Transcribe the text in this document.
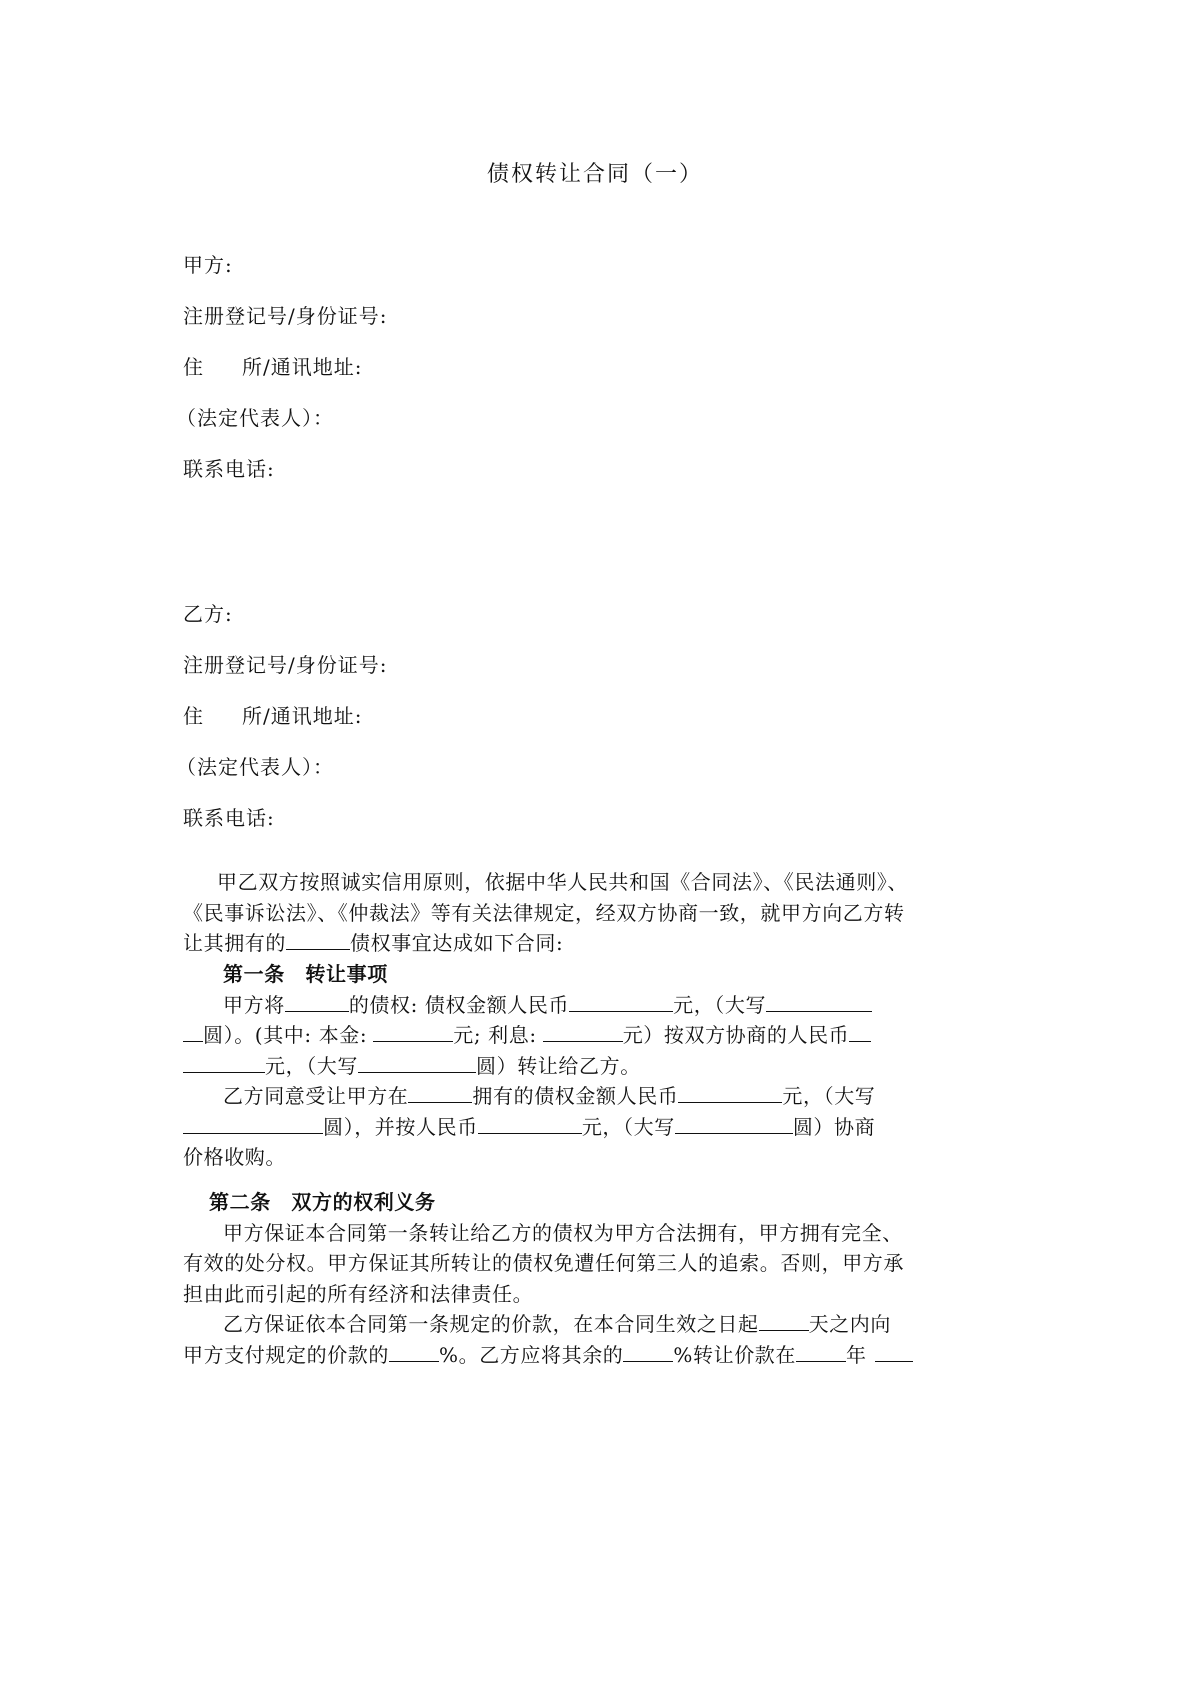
债权转让合同（一）
甲方:
注册登记号/身份证号:
住 所/通讯地址:
（法定代表人）：
联系电话:
乙方:
注册登记号/身份证号:
住 所/通讯地址:
（法定代表人）：
联系电话:
甲乙双方按照诚实信用原则，依据中华人民共和国《合同法》、《民法通则》、
《民事诉讼法》、《仲裁法》等有关法律规定，经双方协商一致，就甲方向乙方转
让其拥有的	债权事宜达成如下合同:
第一条　转让事项
甲方将	的债权: 债权金额人民币	元，（大写
圆）。(其中: 本金:	元; 利息:	元）按双方协商的人民币
元，（大写	圆）转让给乙方。
乙方同意受让甲方在	拥有的债权金额人民币	元，（大写
圆），并按人民币	元，（大写	圆）协商
价格收购。
第二条　双方的权利义务
甲方保证本合同第一条转让给乙方的债权为甲方合法拥有，甲方拥有完全、
有效的处分权。甲方保证其所转让的债权免遭任何第三人的追索。否则，甲方承
担由此而引起的所有经济和法律责任。
乙方保证依本合同第一条规定的价款，在本合同生效之日起	天之内向
甲方支付规定的价款的	%。乙方应将其余的	%转让价款在	年
